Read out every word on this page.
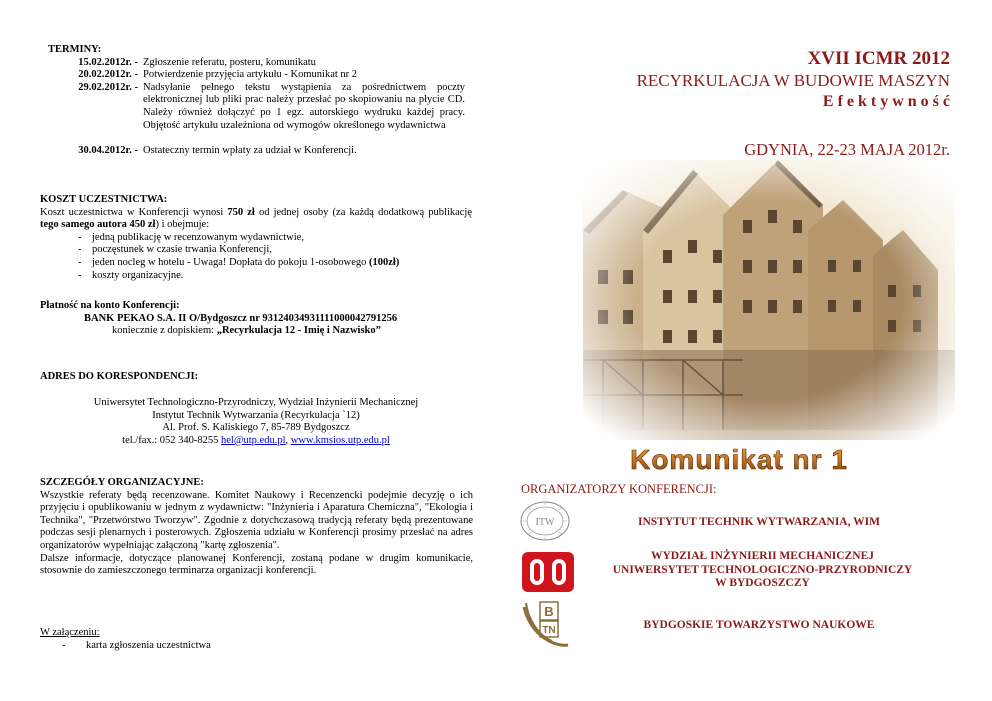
TERMINY:
15.02.2012r. - Zgłoszenie referatu, posteru, komunikatu
20.02.2012r. - Potwierdzenie przyjęcia artykułu - Komunikat nr 2
29.02.2012r. - Nadsyłanie pełnego tekstu wystąpienia za pośrednictwem poczty elektronicznej lub pliki prac należy przesłać po skopiowaniu na płycie CD. Należy również dołączyć po 1 egz. autorskiego wydruku każdej pracy. Objętość artykułu uzależniona od wymogów określonego wydawnictwa
30.04.2012r. - Ostateczny termin wpłaty za udział w Konferencji.
KOSZT UCZESTNICTWA:
Koszt uczestnictwa w Konferencji wynosi 750 zł od jednej osoby (za każdą dodatkową publikację tego samego autora 450 zł) i obejmuje:
- jedną publikację w recenzowanym wydawnictwie,
- poczęstunek w czasie trwania Konferencji,
- jeden nocleg w hotelu - Uwaga! Dopłata do pokoju 1-osobowego (100zł)
- koszty organizacyjne.
Płatność na konto Konferencji:
BANK PEKAO S.A. II O/Bydgoszcz nr 93124034931111000042791256
koniecznie z dopiskiem: „Recyrkulacja 12 - Imię i Nazwisko”
ADRES DO KORESPONDENCJI:
Uniwersytet Technologiczno-Przyrodniczy, Wydział Inżynierii Mechanicznej
Instytut Technik Wytwarzania (Recyrkulacja `12)
Al. Prof. S. Kaliskiego 7, 85-789 Bydgoszcz
tel./fax.: 052 340-8255 hel@utp.edu.pl, www.kmsios.utp.edu.pl
SZCZEGÓŁY ORGANIZACYJNE:
Wszystkie referaty będą recenzowane. Komitet Naukowy i Recenzencki podejmie decyzję o ich przyjęciu i opublikowaniu w jednym z wydawnictw: "Inżynieria i Aparatura Chemiczna", "Ekologia i Technika", "Przetwórstwo Tworzyw". Zgodnie z dotychczasową tradycją referaty będą prezentowane podczas sesji plenarnych i posterowych. Zgłoszenia udziału w Konferencji prosimy przesłać na adres organizatorów wypełniając załączoną "kartę zgłoszenia".
Dalsze informacje, dotyczące planowanej Konferencji, zostaną podane w drugim komunikacie, stosownie do zamieszczonego terminarza organizacji konferencji.
W załączeniu:
- karta zgłoszenia uczestnictwa
XVII ICMR 2012
RECYRKULACJA W BUDOWIE MASZYN
E f e k t y w n o ś ć
GDYNIA, 22-23 MAJA 2012r.
Komunikat nr 1
ORGANIZATORZY KONFERENCJI:
ITW	INSTYTUT TECHNIK WYTWARZANIA, WIM
WYDZIAŁ INŻYNIERII MECHANICZNEJ
UNIWERSYTET TECHNOLOGICZNO-PRZYRODNICZY
W BYDGOSZCZY
B
TN	BYDGOSKIE TOWARZYSTWO NAUKOWE
